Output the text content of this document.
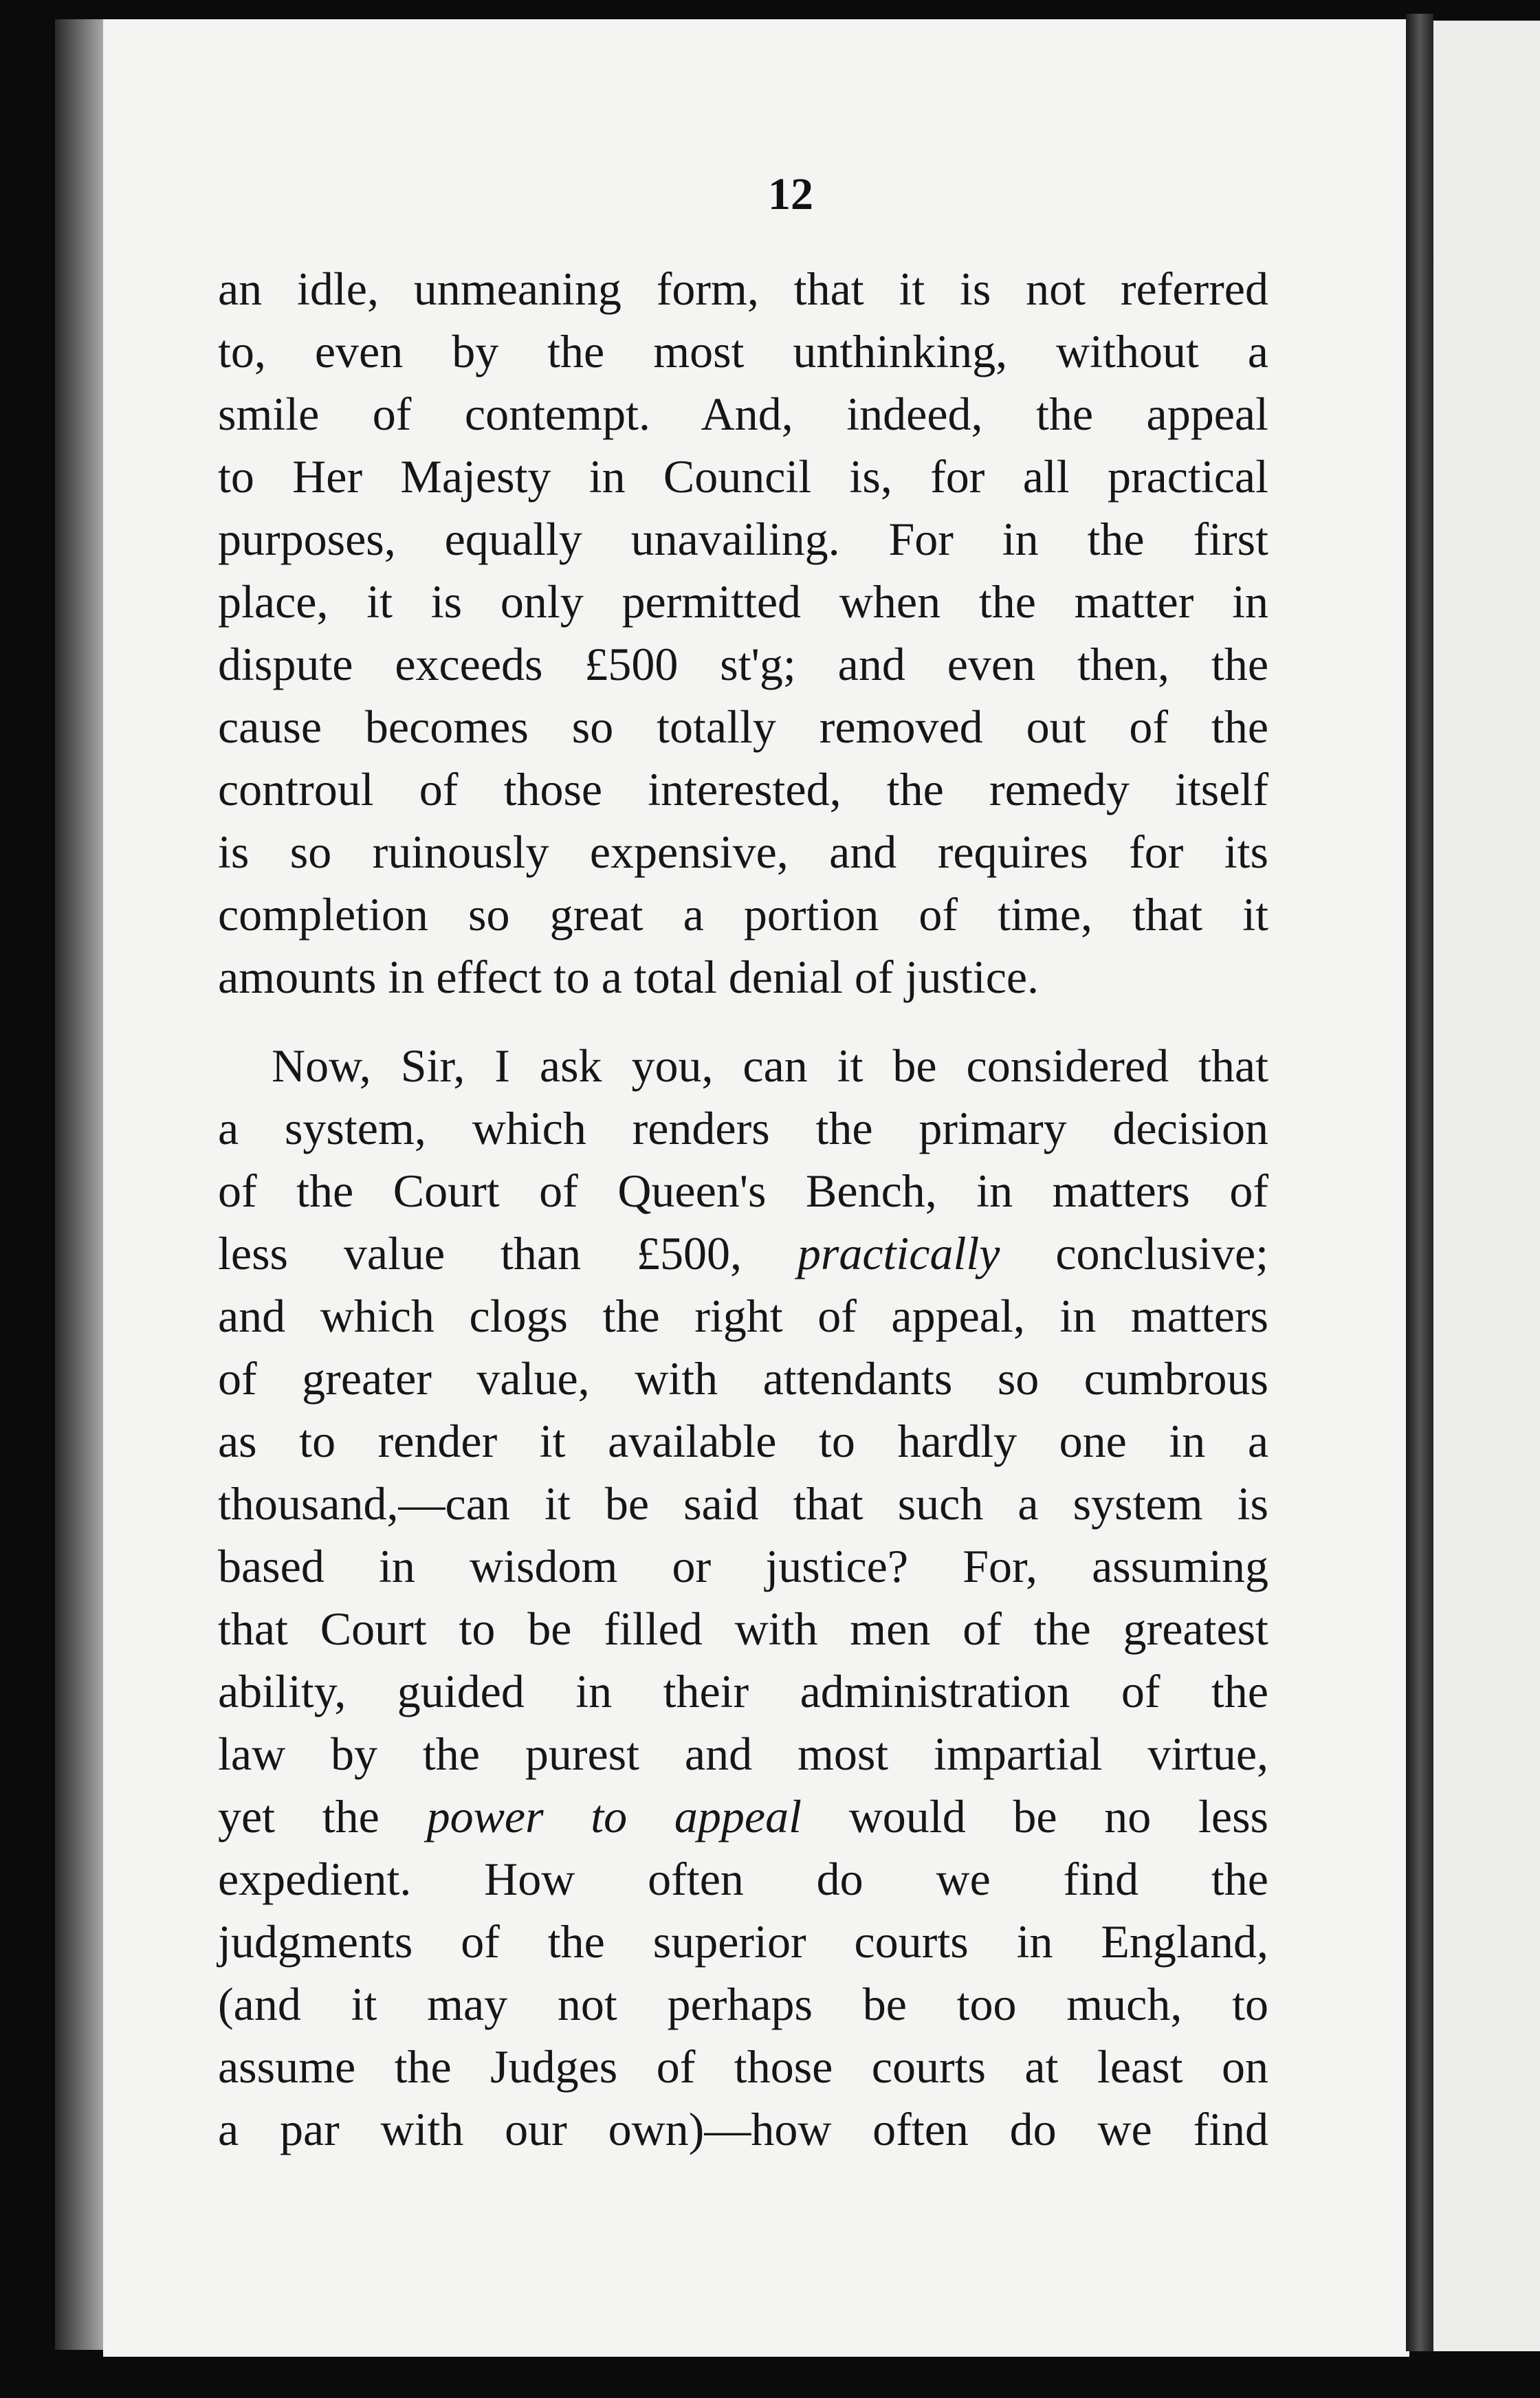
12
an idle, unmeaning form, that it is not referred
to, even by the most unthinking, without a
smile of contempt. And, indeed, the appeal
to Her Majesty in Council is, for all practical
purposes, equally unavailing. For in the first
place, it is only permitted when the matter in
dispute exceeds £500 st'g; and even then, the
cause becomes so totally removed out of the
controul of those interested, the remedy itself
is so ruinously expensive, and requires for its
completion so great a portion of time, that it
amounts in effect to a total denial of justice.
Now, Sir, I ask you, can it be considered that
a system, which renders the primary decision
of the Court of Queen's Bench, in matters of
less value than £500, practically conclusive;
and which clogs the right of appeal, in matters
of greater value, with attendants so cumbrous
as to render it available to hardly one in a
thousand,—can it be said that such a system is
based in wisdom or justice? For, assuming
that Court to be filled with men of the greatest
ability, guided in their administration of the
law by the purest and most impartial virtue,
yet the power to appeal would be no less
expedient. How often do we find the
judgments of the superior courts in England,
(and it may not perhaps be too much, to
assume the Judges of those courts at least on
a par with our own)—how often do we find
